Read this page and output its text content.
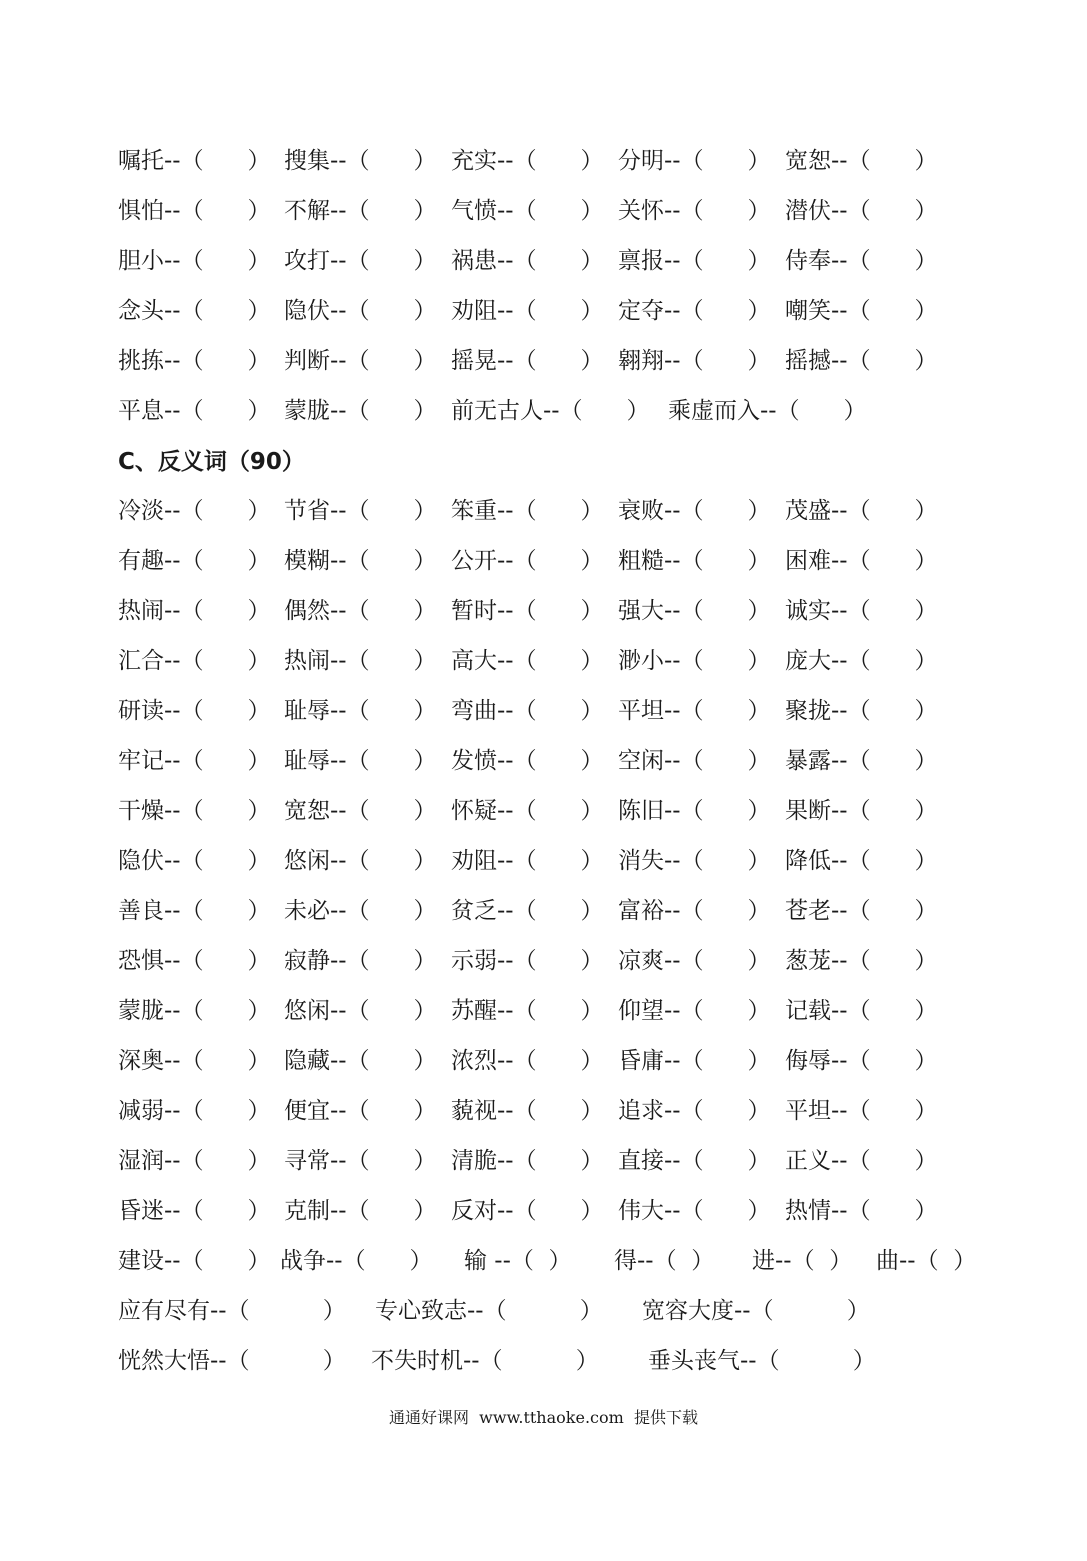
嘱托--（      ）

搜集--（      ）

充实--（      ）

分明--（      ）

宽恕--（      ）

惧怕--（      ）

不解--（      ）

气愤--（      ）

关怀--（      ）

潜伏--（      ）

胆小--（      ）

攻打--（      ）

祸患--（      ）

禀报--（      ）

侍奉--（      ）

念头--（      ）

隐伏--（      ）

劝阻--（      ）

定夺--（      ）

嘲笑--（      ）

挑拣--（      ）

判断--（      ）

摇晃--（      ）

翱翔--（      ）

摇撼--（      ）

平息--（      ）

蒙胧--（      ）

前无古人--（      ）

乘虚而入--（      ）

C、反义词（90）

冷淡--（      ）

节省--（      ）

笨重--（      ）

衰败--（      ）

茂盛--（      ）

有趣--（      ）

模糊--（      ）

公开--（      ）

粗糙--（      ）

困难--（      ）

热闹--（      ）

偶然--（      ）

暂时--（      ）

强大--（      ）

诚实--（      ）

汇合--（      ）

热闹--（      ）

高大--（      ）

渺小--（      ）

庞大--（      ）

研读--（      ）

耻辱--（      ）

弯曲--（      ）

平坦--（      ）

聚拢--（      ）

牢记--（      ）

耻辱--（      ）

发愤--（      ）

空闲--（      ）

暴露--（      ）

干燥--（      ）

宽恕--（      ）

怀疑--（      ）

陈旧--（      ）

果断--（      ）

隐伏--（      ）

悠闲--（      ）

劝阻--（      ）

消失--（      ）

降低--（      ）

善良--（      ）

未必--（      ）

贫乏--（      ）

富裕--（      ）

苍老--（      ）

恐惧--（      ）

寂静--（      ）

示弱--（      ）

凉爽--（      ）

葱茏--（      ）

蒙胧--（      ）

悠闲--（      ）

苏醒--（      ）

仰望--（      ）

记载--（      ）

深奥--（      ）

隐藏--（      ）

浓烈--（      ）

昏庸--（      ）

侮辱--（      ）

减弱--（      ）

便宜--（      ）

藐视--（      ）

追求--（      ）

平坦--（      ）

湿润--（      ）

寻常--（      ）

清脆--（      ）

直接--（      ）

正义--（      ）

昏迷--（      ）

克制--（      ）

反对--（      ）

伟大--（      ）

热情--（      ）

建设--（      ）

战争--（      ）

输 --（  ）

得--（  ）

进--（  ）

曲--（  ）

应有尽有--（          ）

专心致志--（          ）

宽容大度--（          ）

恍然大悟--（          ）

不失时机--（          ）

垂头丧气--（          ）

通通好课网  www.tthaoke.com  提供下载
